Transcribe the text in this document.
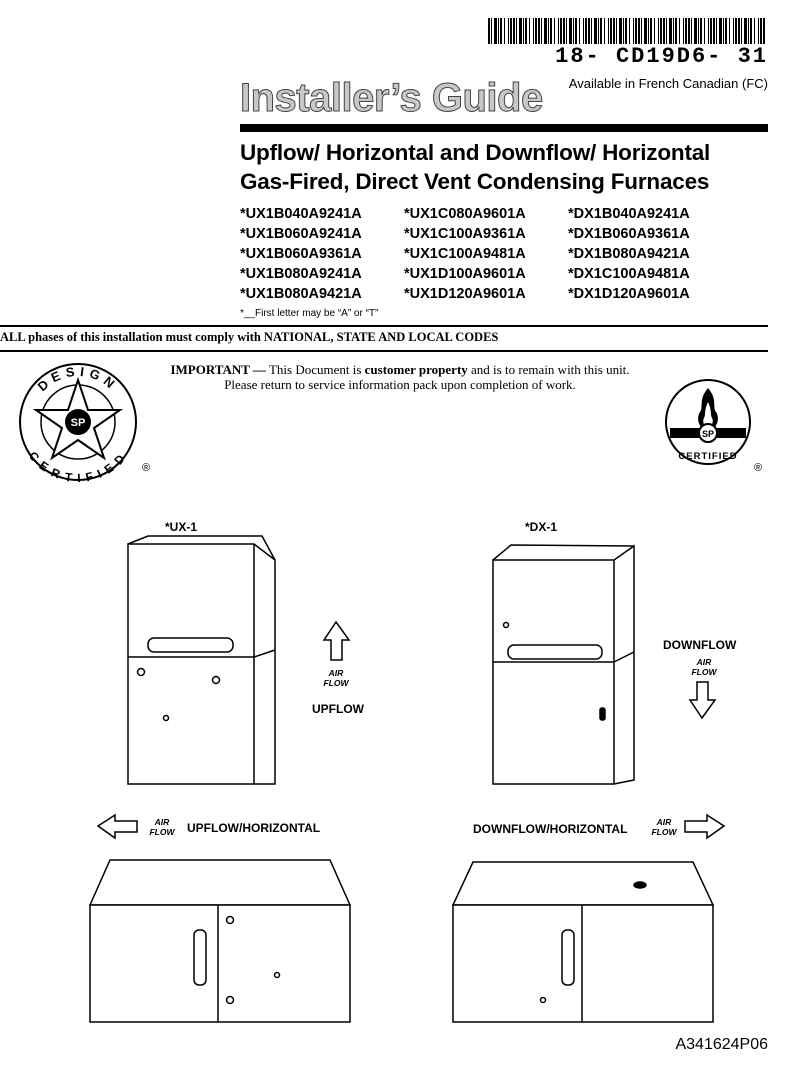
18- CD19D6- 31
Available in French Canadian (FC)
Installer’s Guide
Upflow/ Horizontal and Downflow/ Horizontal
Gas-Fired, Direct Vent Condensing Furnaces
*UX1B040A9241A	*UX1C080A9601A	*DX1B040A9241A
*UX1B060A9241A	*UX1C100A9361A	*DX1B060A9361A
*UX1B060A9361A	*UX1C100A9481A	*DX1B080A9421A
*UX1B080A9241A	*UX1D100A9601A	*DX1C100A9481A
*UX1B080A9421A	*UX1D120A9601A	*DX1D120A9601A
*__First letter may be “A” or “T”
ALL phases of this installation must comply with NATIONAL, STATE AND LOCAL CODES
IMPORTANT — This Document is customer property and is to remain with this unit.
Please return to service information pack upon completion of work.
SP
DESIGN
CERTIFIED
®
SP
CERTIFIED
®
*UX-1	*DX-1
AIR
FLOW
UPFLOW
DOWNFLOW
AIR
FLOW
AIR
FLOW	UPFLOW/HORIZONTAL	DOWNFLOW/HORIZONTAL	AIR
FLOW
A341624P06
